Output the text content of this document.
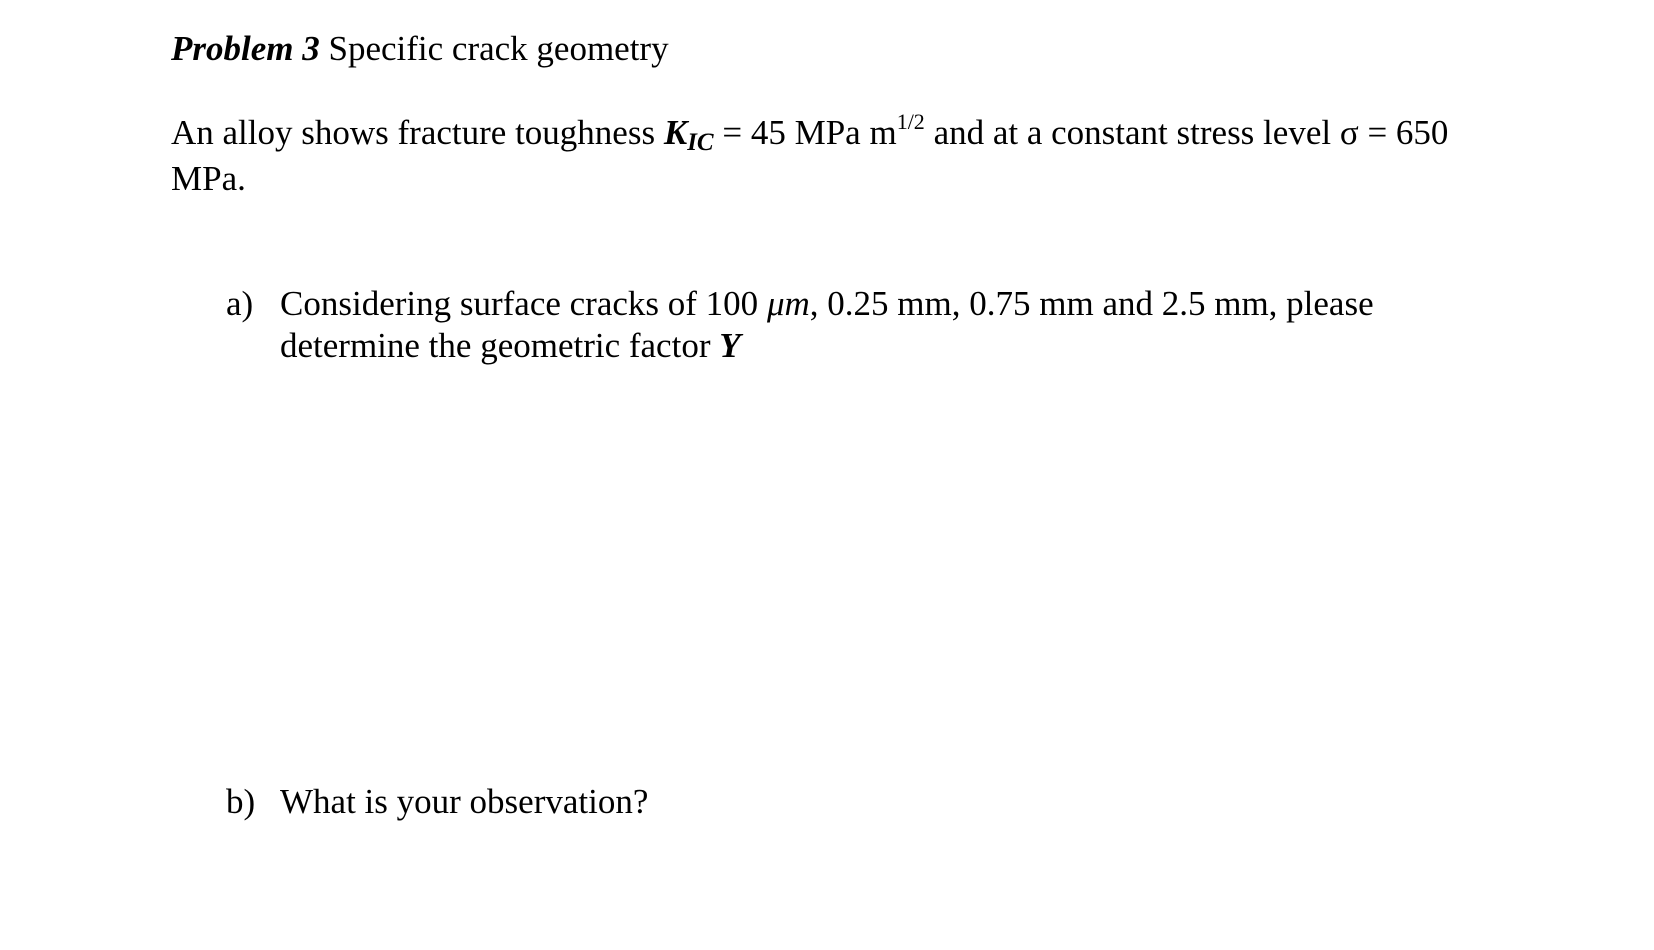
Problem 3 Specific crack geometry
An alloy shows fracture toughness KIC = 45 MPa $m^{1/2}$ and at a constant stress level σ = 650 MPa.
a) Considering surface cracks of 100 μm, 0.25 mm, 0.75 mm and 2.5 mm, please determine the geometric factor Y
b) What is your observation?
